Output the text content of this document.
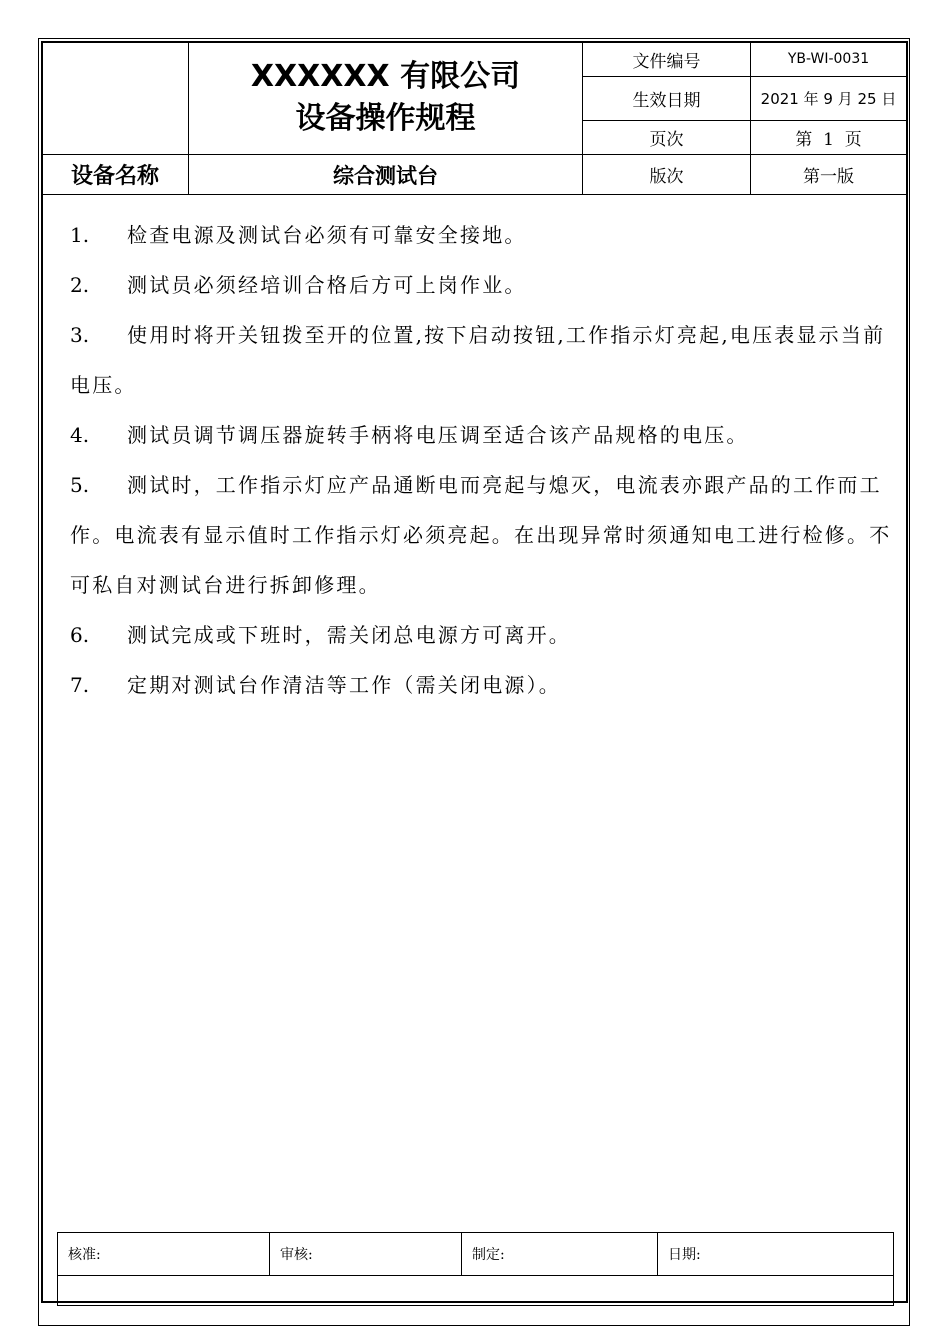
	XXXXXX 有限公司
设备操作规程	文件编号	YB-WI-0031
		生效日期	2021 年 9 月 25 日
		页次	第  1  页
设备名称	综合测试台	版次	第一版

1. 检查电源及测试台必须有可靠安全接地。

2. 测试员必须经培训合格后方可上岗作业。

3. 使用时将开关钮拨至开的位置,按下启动按钮,工作指示灯亮起,电压表显示当前电压。

4. 测试员调节调压器旋转手柄将电压调至适合该产品规格的电压。

5. 测试时，工作指示灯应产品通断电而亮起与熄灭，电流表亦跟产品的工作而工作。电流表有显示值时工作指示灯必须亮起。在出现异常时须通知电工进行检修。不可私自对测试台进行拆卸修理。

6. 测试完成或下班时，需关闭总电源方可离开。

7. 定期对测试台作清洁等工作（需关闭电源）。

核准:	审核:	制定:	日期:
